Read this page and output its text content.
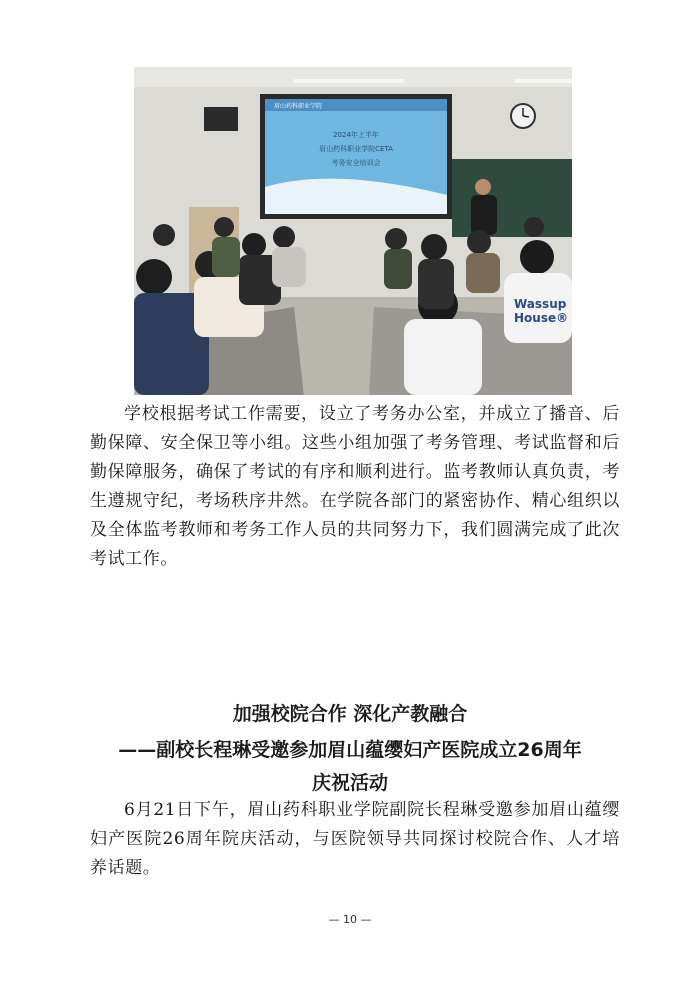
眉山药科职业学院
2024年上半年
眉山药科职业学院CETA
考务安全培训会
Wassup
House®

学校根据考试工作需要，设立了考务办公室，并成立了播音、后勤保障、安全保卫等小组。这些小组加强了考务管理、考试监督和后勤保障服务，确保了考试的有序和顺利进行。监考教师认真负责，考生遵规守纪，考场秩序井然。在学院各部门的紧密协作、精心组织以及全体监考教师和考务工作人员的共同努力下，我们圆满完成了此次考试工作。

加强校院合作 深化产教融合
——副校长程琳受邀参加眉山蕴缨妇产医院成立26周年
庆祝活动

6月21日下午，眉山药科职业学院副院长程琳受邀参加眉山蕴缨妇产医院26周年院庆活动，与医院领导共同探讨校院合作、人才培养话题。

— 10 —
